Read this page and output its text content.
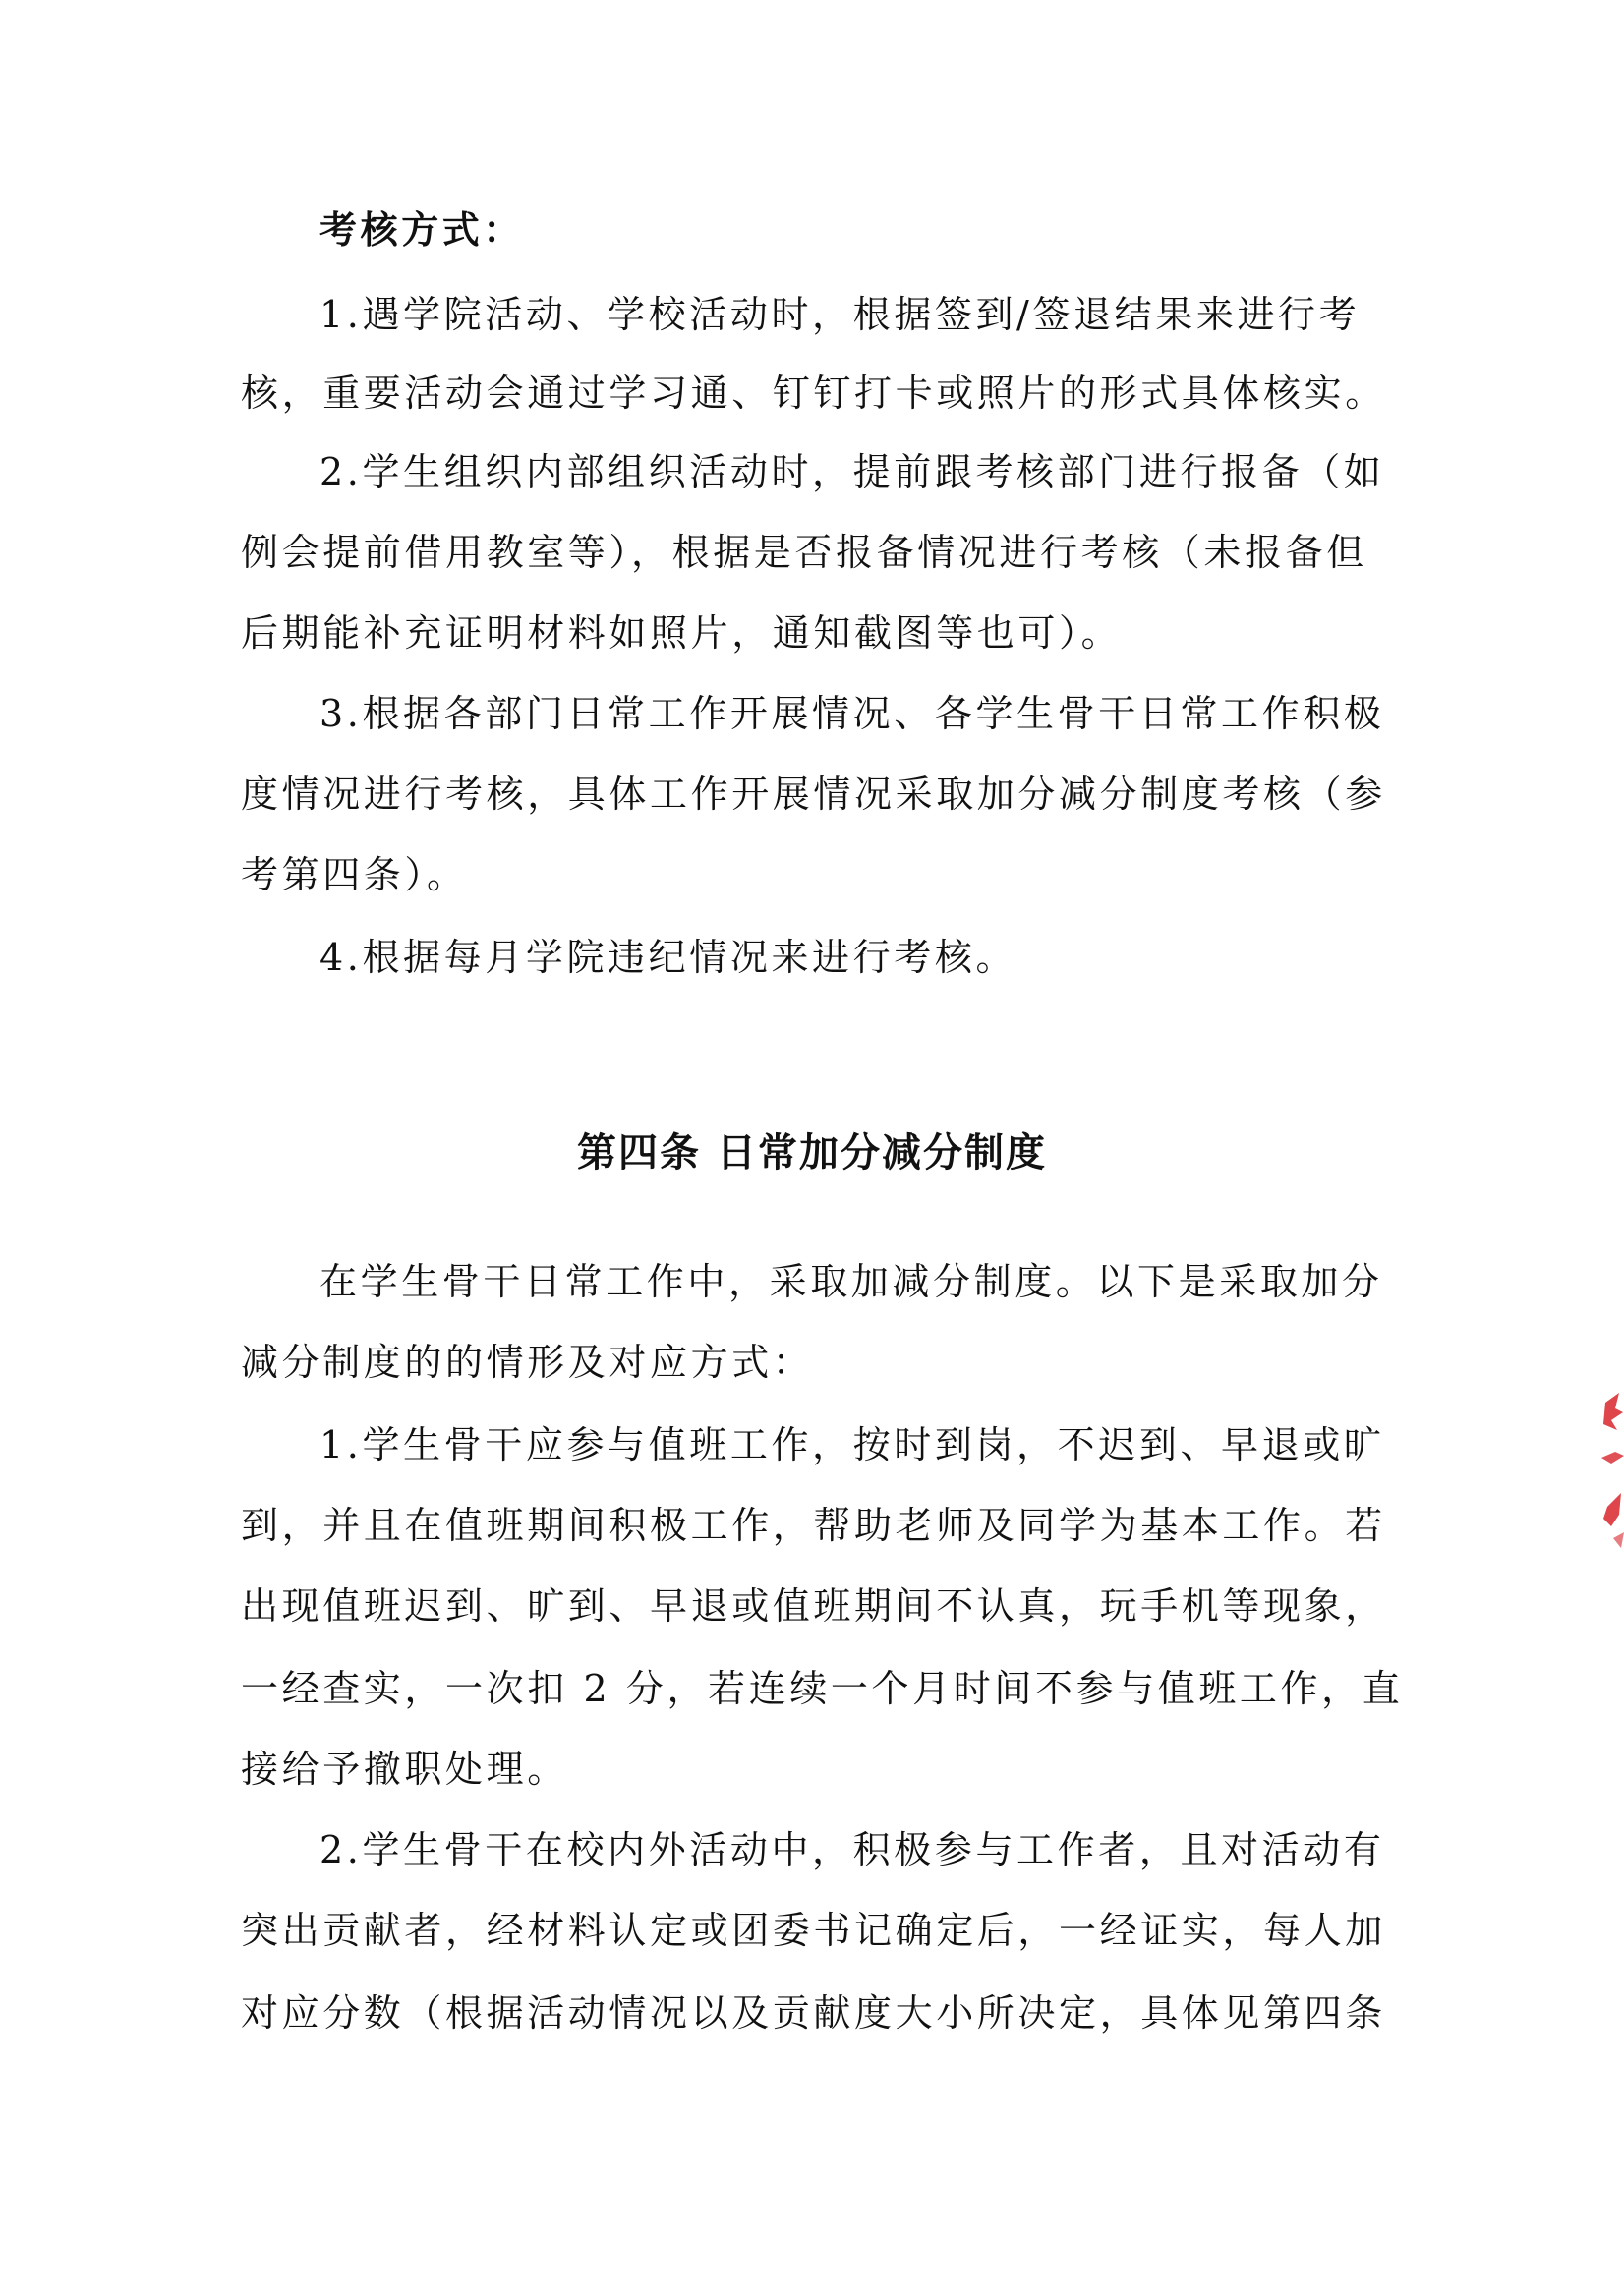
考核方式：
1.遇学院活动、学校活动时，根据签到/签退结果来进行考
核，重要活动会通过学习通、钉钉打卡或照片的形式具体核实。
2.学生组织内部组织活动时，提前跟考核部门进行报备（如
例会提前借用教室等），根据是否报备情况进行考核（未报备但
后期能补充证明材料如照片，通知截图等也可）。
3.根据各部门日常工作开展情况、各学生骨干日常工作积极
度情况进行考核，具体工作开展情况采取加分减分制度考核（参
考第四条）。
4.根据每月学院违纪情况来进行考核。
第四条 日常加分减分制度
在学生骨干日常工作中，采取加减分制度。以下是采取加分
减分制度的的情形及对应方式：
1.学生骨干应参与值班工作，按时到岗，不迟到、早退或旷
到，并且在值班期间积极工作，帮助老师及同学为基本工作。若
出现值班迟到、旷到、早退或值班期间不认真，玩手机等现象，
一经查实，一次扣 2 分，若连续一个月时间不参与值班工作，直
接给予撤职处理。
2.学生骨干在校内外活动中，积极参与工作者，且对活动有
突出贡献者，经材料认定或团委书记确定后，一经证实，每人加
对应分数（根据活动情况以及贡献度大小所决定，具体见第四条
